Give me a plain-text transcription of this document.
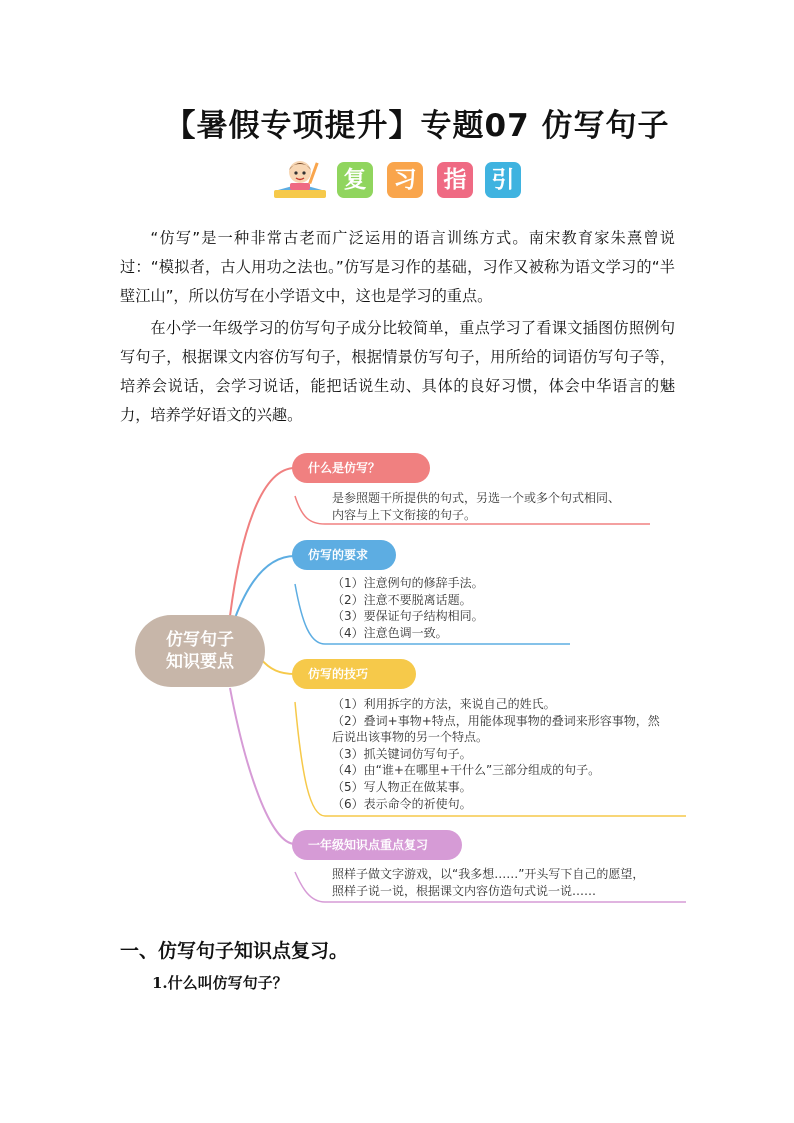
【暑假专项提升】专题07 仿写句子
复 习 指 引

“仿写”是一种非常古老而广泛运用的语言训练方式。南宋教育家朱熹曾说过：“模拟者，古人用功之法也。”仿写是习作的基础，习作又被称为语文学习的“半壁江山”，所以仿写在小学语文中，这也是学习的重点。

在小学一年级学习的仿写句子成分比较简单，重点学习了看课文插图仿照例句写句子，根据课文内容仿写句子，根据情景仿写句子，用所给的词语仿写句子等，培养会说话，会学习说话，能把话说生动、具体的良好习惯，体会中华语言的魅力，培养学好语文的兴趣。

仿写句子
知识要点
什么是仿写？
是参照题干所提供的句式，另选一个或多个句式相同、
内容与上下文衔接的句子。
仿写的要求
（1）注意例句的修辞手法。
（2）注意不要脱离话题。
（3）要保证句子结构相同。
（4）注意色调一致。
仿写的技巧
（1）利用拆字的方法，来说自己的姓氏。
（2）叠词+事物+特点，用能体现事物的叠词来形容事物，然
后说出该事物的另一个特点。
（3）抓关键词仿写句子。
（4）由“谁+在哪里+干什么”三部分组成的句子。
（5）写人物正在做某事。
（6）表示命令的祈使句。
一年级知识点重点复习
照样子做文字游戏，以“我多想……”开头写下自己的愿望，
照样子说一说，根据课文内容仿造句式说一说……
一、仿写句子知识点复习。
1.什么叫仿写句子？
